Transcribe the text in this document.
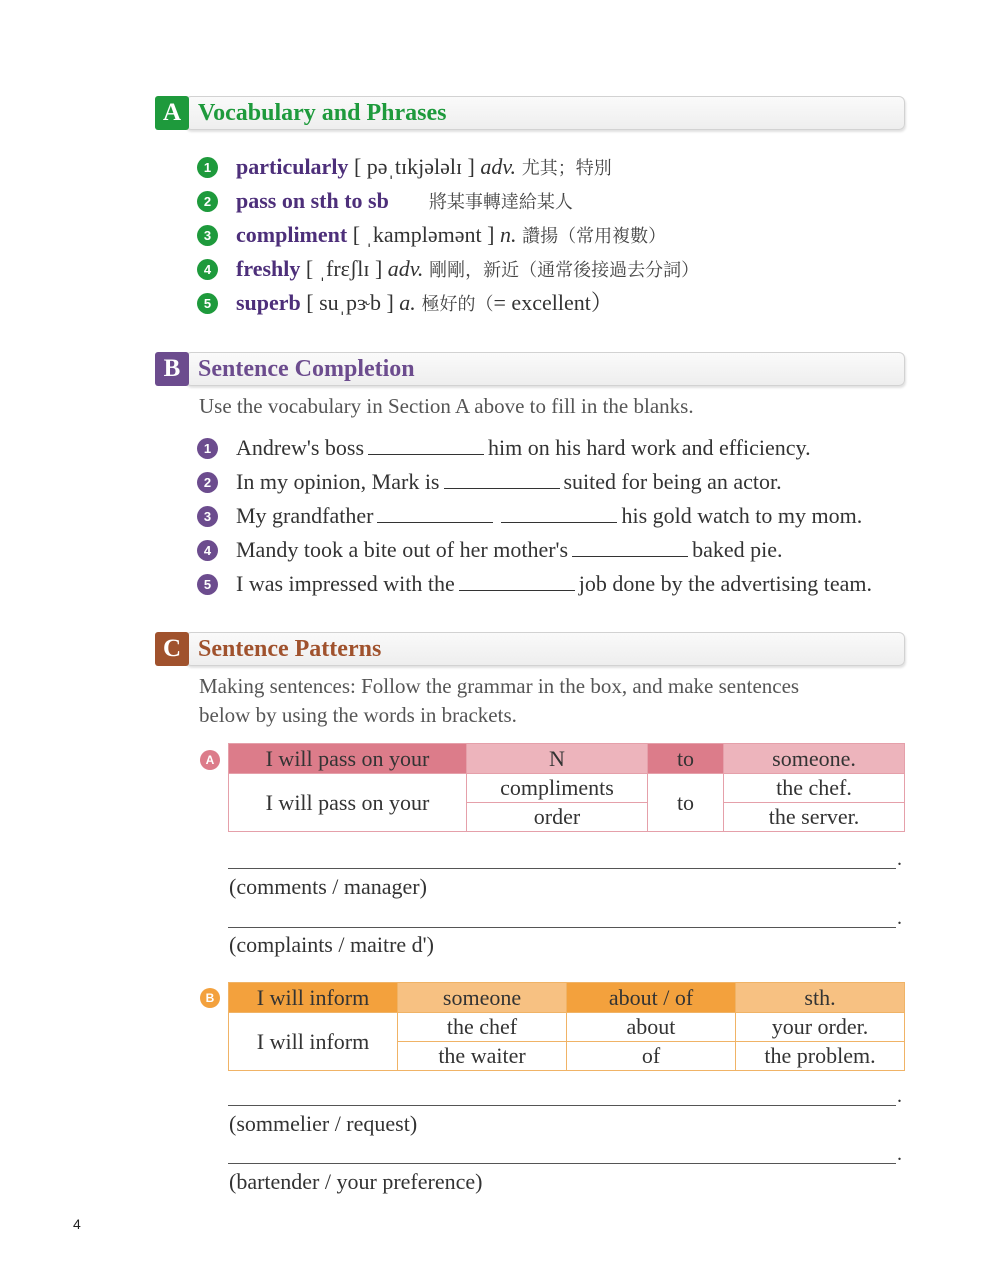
A Vocabulary and Phrases
1 particularly [ pəˌtɪkjələlɪ ] adv. 尤其；特別
2 pass on sth to sb 將某事轉達給某人
3 compliment [ ˌkampləmənt ] n. 讚揚（常用複數）
4 freshly [ ˌfrɛʃlɪ ] adv. 剛剛，新近（通常後接過去分詞）
5 superb [ suˌpɝb ] a. 極好的（= excellent）
B Sentence Completion
Use the vocabulary in Section A above to fill in the blanks.
1 Andrew's boss	him on his hard work and efficiency.
2 In my opinion, Mark is	suited for being an actor.
3 My grandfather	his gold watch to my mom.
4 Mandy took a bite out of her mother's	baked pie.
5 I was impressed with the	job done by the advertising team.
C Sentence Patterns
Making sentences: Follow the grammar in the box, and make sentences
below by using the words in brackets.
A I will pass on your	N	to	someone.
I will pass on your	compliments	to	the chef.
	order		the server.
.
(comments / manager)
.
(complaints / maitre d')
B I will inform	someone	about / of	sth.
I will inform	the chef	about	your order.
	the waiter	of	the problem.
.
(sommelier / request)
.
(bartender / your preference)
4
